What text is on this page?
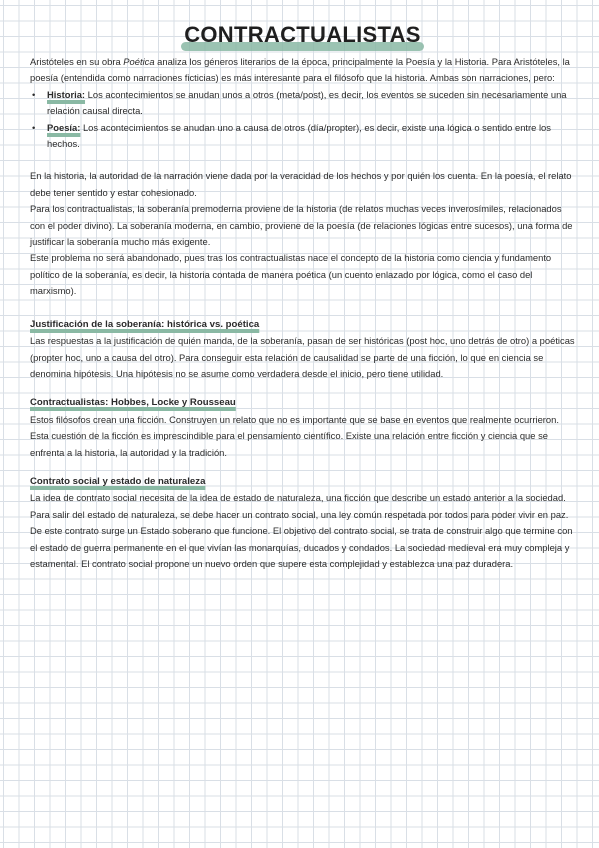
CONTRACTUALISTAS

Aristóteles en su obra Poética analiza los géneros literarios de la época, principalmente la Poesía y la Historia. Para Aristóteles, la poesía (entendida como narraciones ficticias) es más interesante para el filósofo que la historia. Ambas son narraciones, pero:

• Historia: Los acontecimientos se anudan unos a otros (meta/post), es decir, los eventos se suceden sin necesariamente una relación causal directa.
• Poesía: Los acontecimientos se anudan uno a causa de otros (día/propter), es decir, existe una lógica o sentido entre los hechos.

En la historia, la autoridad de la narración viene dada por la veracidad de los hechos y por quién los cuenta. En la poesía, el relato debe tener sentido y estar cohesionado.

Para los contractualistas, la soberanía premoderna proviene de la historia (de relatos muchas veces inverosímiles, relacionados con el poder divino). La soberanía moderna, en cambio, proviene de la poesía (de relaciones lógicas entre sucesos), una forma de justificar la soberanía mucho más exigente.

Este problema no será abandonado, pues tras los contractualistas nace el concepto de la historia como ciencia y fundamento político de la soberanía, es decir, la historia contada de manera poética (un cuento enlazado por lógica, como el caso del marxismo).

Justificación de la soberanía: histórica vs. poética

Las respuestas a la justificación de quién manda, de la soberanía, pasan de ser históricas (post hoc, uno detrás de otro) a poéticas (propter hoc, uno a causa del otro). Para conseguir esta relación de causalidad se parte de una ficción, lo que en ciencia se denomina hipótesis. Una hipótesis no se asume como verdadera desde el inicio, pero tiene utilidad.

Contractualistas: Hobbes, Locke y Rousseau

Estos filósofos crean una ficción. Construyen un relato que no es importante que se base en eventos que realmente ocurrieron. Esta cuestión de la ficción es imprescindible para el pensamiento científico. Existe una relación entre ficción y ciencia que se enfrenta a la historia, la autoridad y la tradición.

Contrato social y estado de naturaleza

La idea de contrato social necesita de la idea de estado de naturaleza, una ficción que describe un estado anterior a la sociedad. Para salir del estado de naturaleza, se debe hacer un contrato social, una ley común respetada por todos para poder vivir en paz. De este contrato surge un Estado soberano que funcione. El objetivo del contrato social, se trata de construir algo que termine con el estado de guerra permanente en el que vivían las monarquías, ducados y condados. La sociedad medieval era muy compleja y estamental. El contrato social propone un nuevo orden que supere esta complejidad y establezca una paz duradera.
